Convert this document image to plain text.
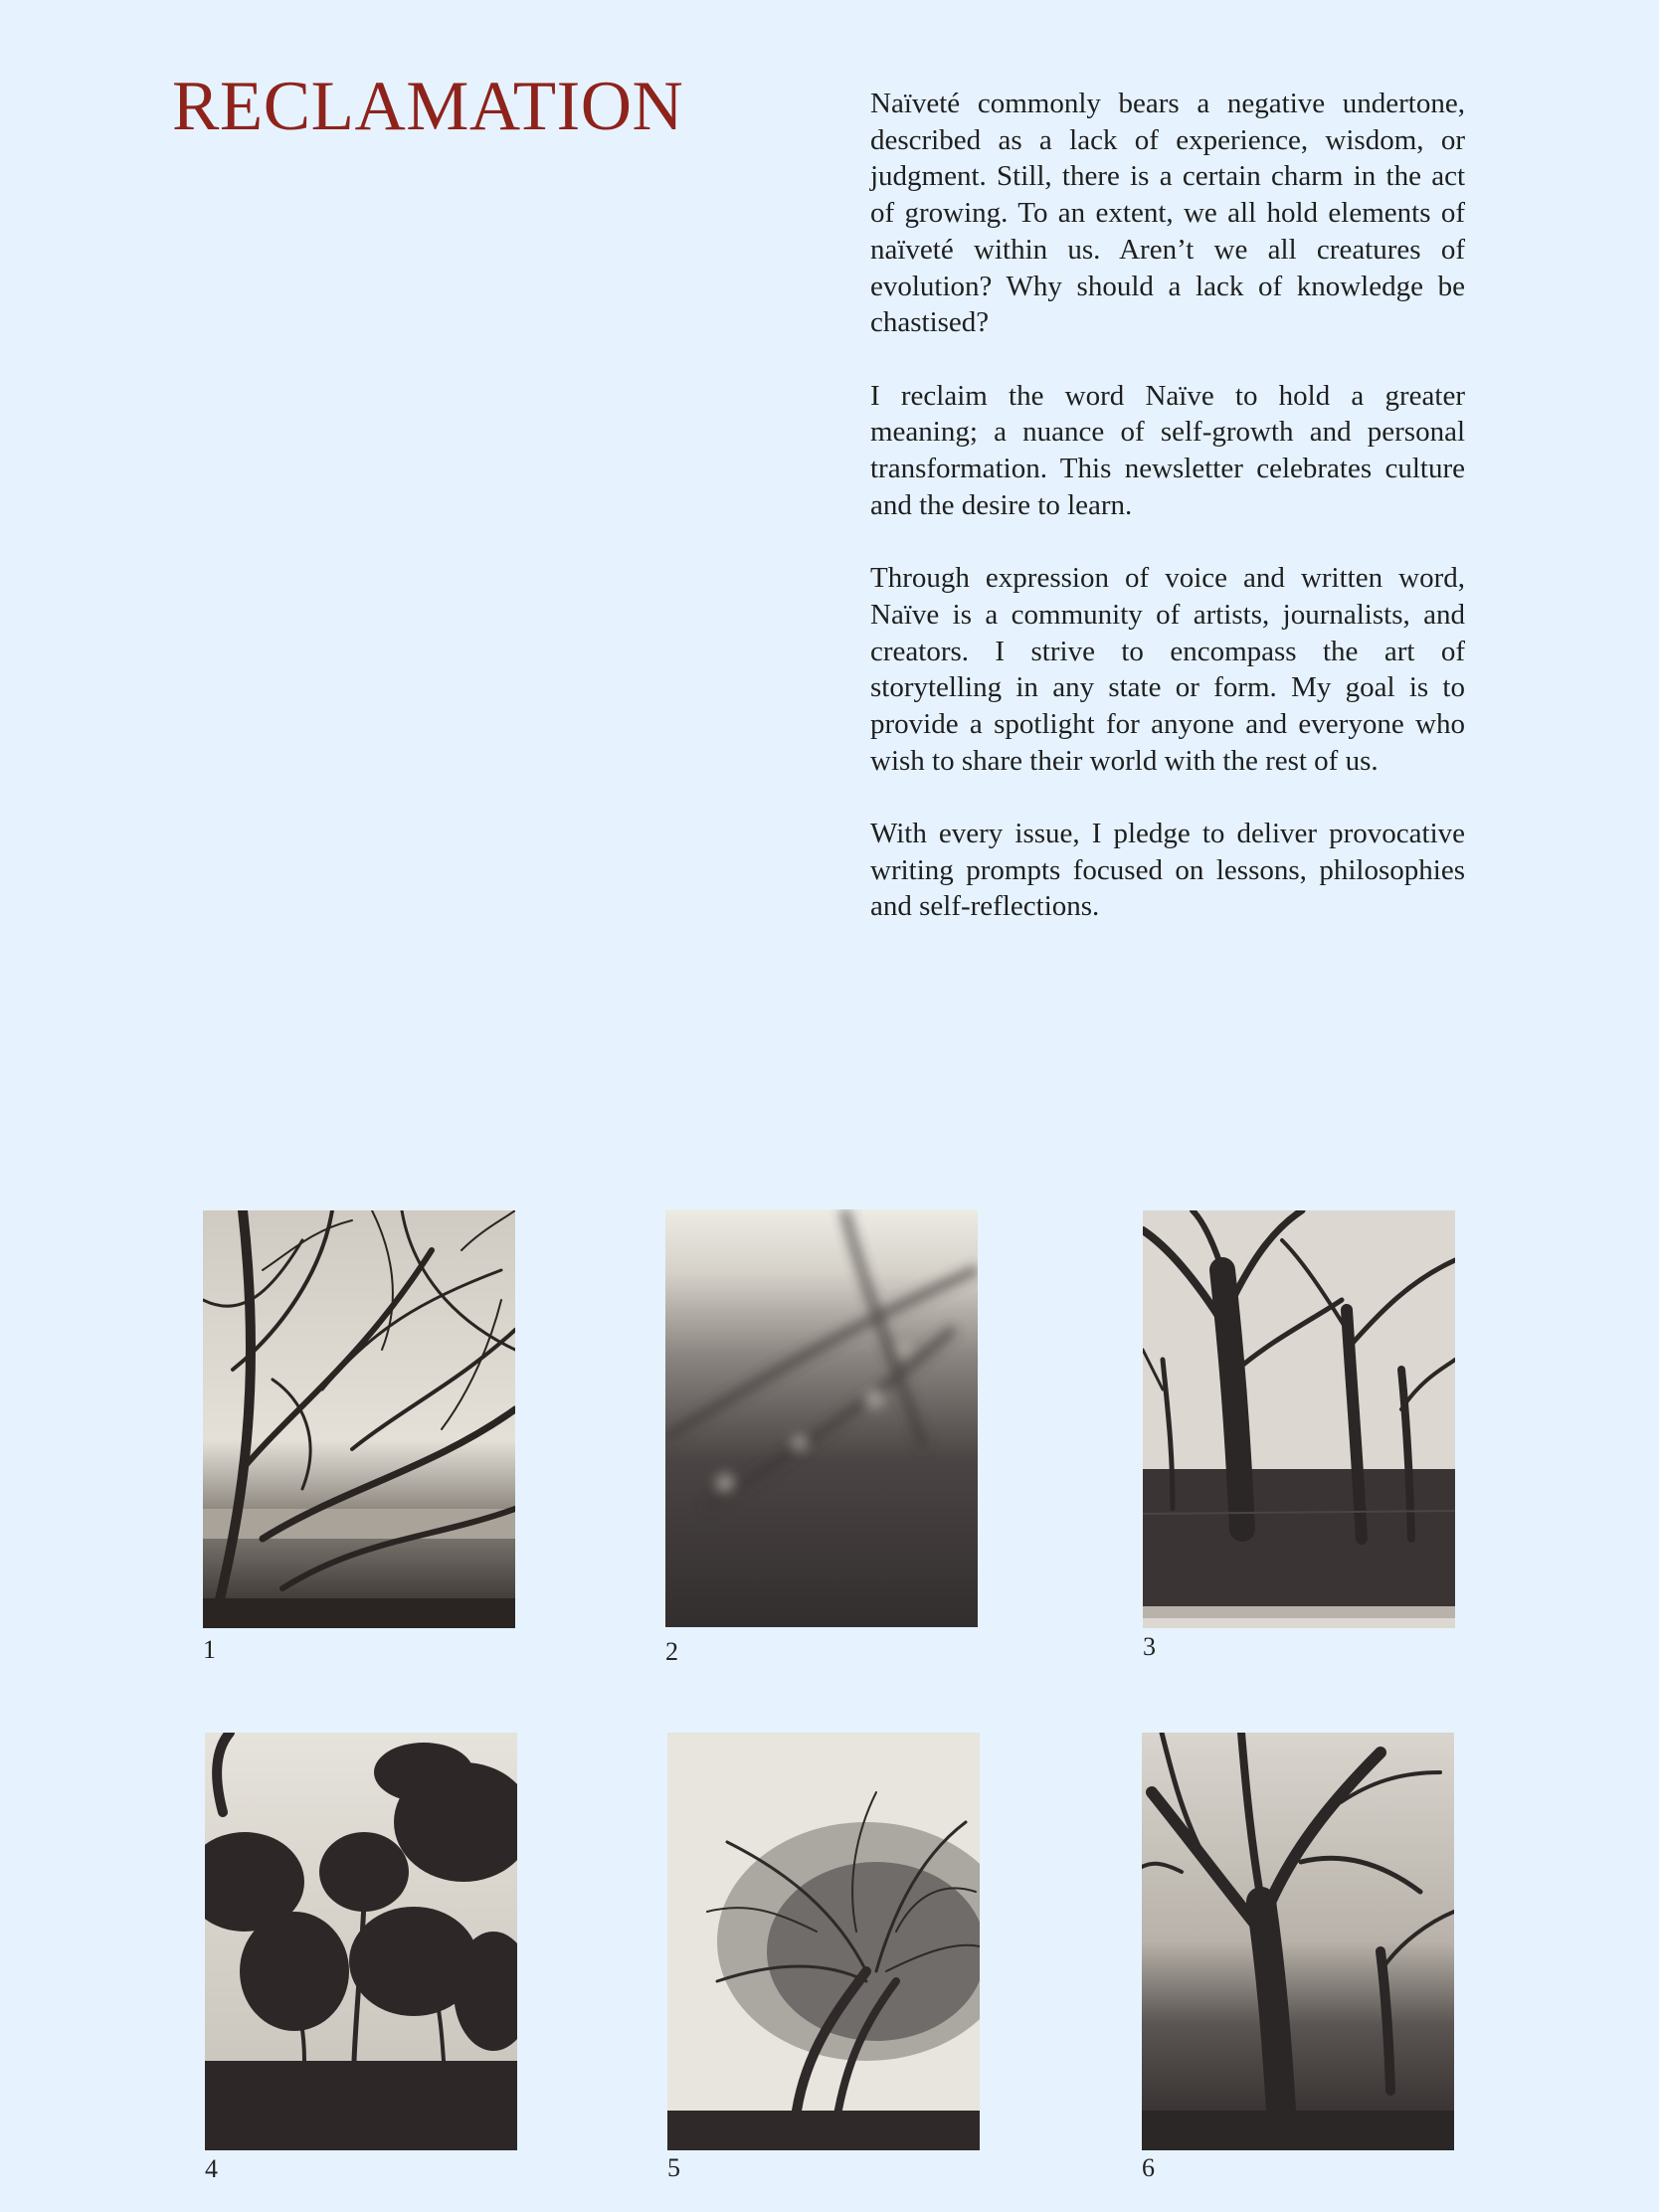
RECLAMATION	Naïveté commonly bears a negative undertone, described as a lack of experience, wisdom, or judgment. Still, there is a certain charm in the act of growing. To an extent, we all hold elements of naïveté within us. Aren’t we all creatures of evolution? Why should a lack of knowledge be chastised?

I reclaim the word Naïve to hold a greater meaning; a nuance of self-growth and personal transformation. This newsletter celebrates culture and the desire to learn.

Through expression of voice and written word, Naïve is a community of artists, journalists, and creators. I strive to encompass the art of storytelling in any state or form. My goal is to provide a spotlight for anyone and everyone who wish to share their world with the rest of us.

With every issue, I pledge to deliver provocative writing prompts focused on lessons, philosophies and self-reflections.

1	2	3
4	5	6
